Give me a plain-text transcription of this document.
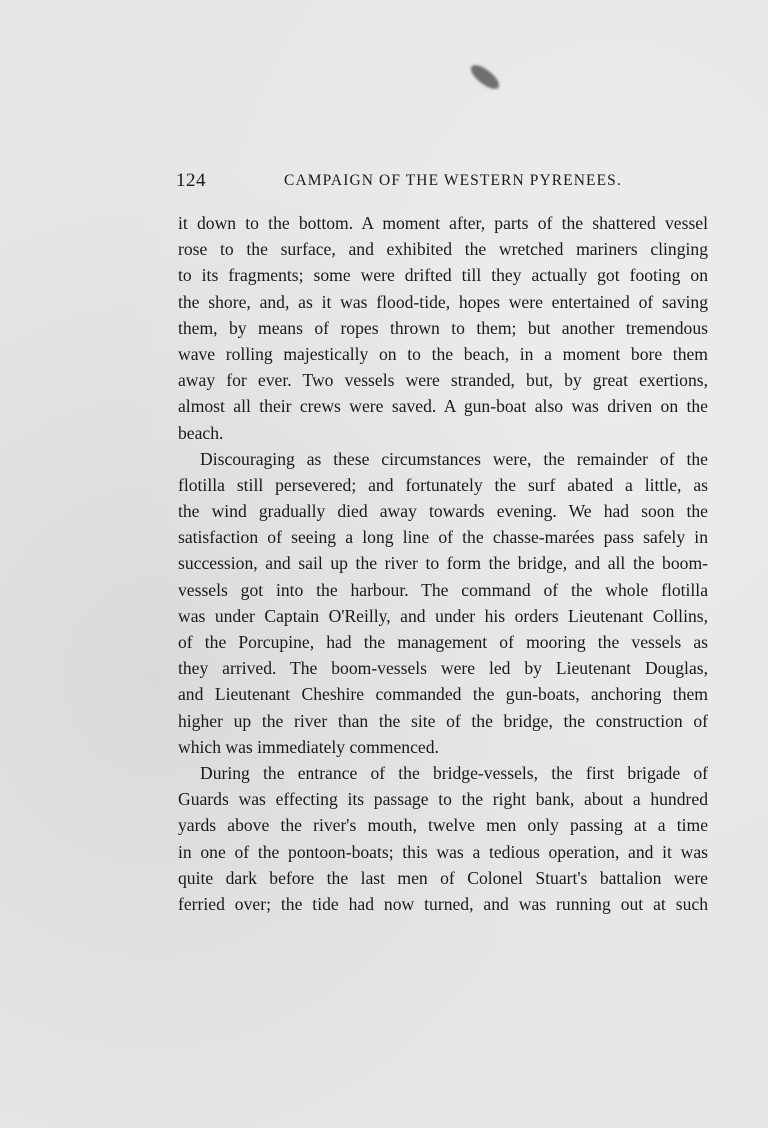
124	CAMPAIGN OF THE WESTERN PYRENEES.
it down to the bottom. A moment after, parts of the shattered vessel
rose to the surface, and exhibited the wretched mariners clinging
to its fragments; some were drifted till they actually got footing on
the shore, and, as it was flood-tide, hopes were entertained of saving
them, by means of ropes thrown to them; but another tremendous
wave rolling majestically on to the beach, in a moment bore them
away for ever. Two vessels were stranded, but, by great exertions,
almost all their crews were saved. A gun-boat also was driven on the
beach.
Discouraging as these circumstances were, the remainder of the
flotilla still persevered; and fortunately the surf abated a little, as
the wind gradually died away towards evening. We had soon the
satisfaction of seeing a long line of the chasse-marées pass safely in
succession, and sail up the river to form the bridge, and all the boom-
vessels got into the harbour. The command of the whole flotilla
was under Captain O'Reilly, and under his orders Lieutenant Collins,
of the Porcupine, had the management of mooring the vessels as
they arrived. The boom-vessels were led by Lieutenant Douglas,
and Lieutenant Cheshire commanded the gun-boats, anchoring them
higher up the river than the site of the bridge, the construction of
which was immediately commenced.
During the entrance of the bridge-vessels, the first brigade of
Guards was effecting its passage to the right bank, about a hundred
yards above the river's mouth, twelve men only passing at a time
in one of the pontoon-boats; this was a tedious operation, and it was
quite dark before the last men of Colonel Stuart's battalion were
ferried over; the tide had now turned, and was running out at such
